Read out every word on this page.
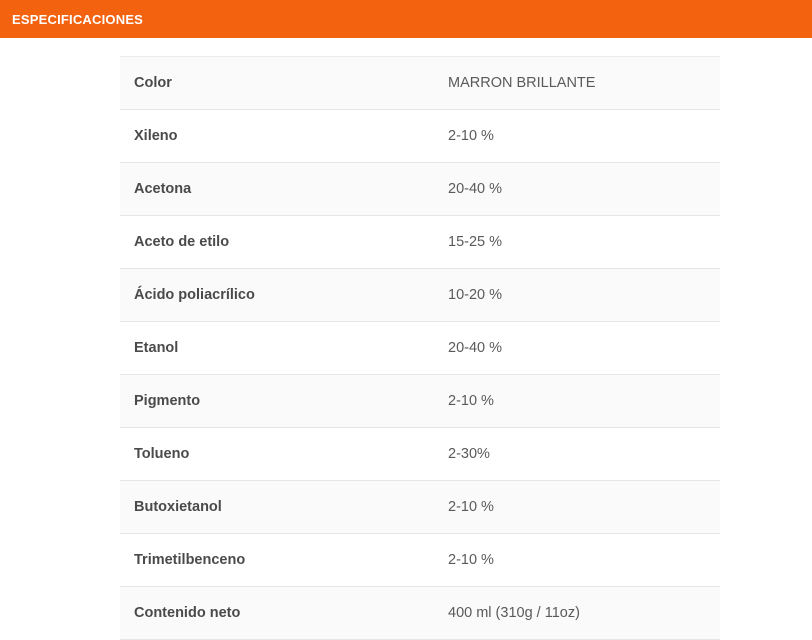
ESPECIFICACIONES
Color	MARRON BRILLANTE
Xileno	2-10 %
Acetona	20-40 %
Aceto de etilo	15-25 %
Ácido poliacrílico	10-20 %
Etanol	20-40 %
Pigmento	2-10 %
Tolueno	2-30%
Butoxietanol	2-10 %
Trimetilbenceno	2-10 %
Contenido neto	400 ml (310g / 11oz)
